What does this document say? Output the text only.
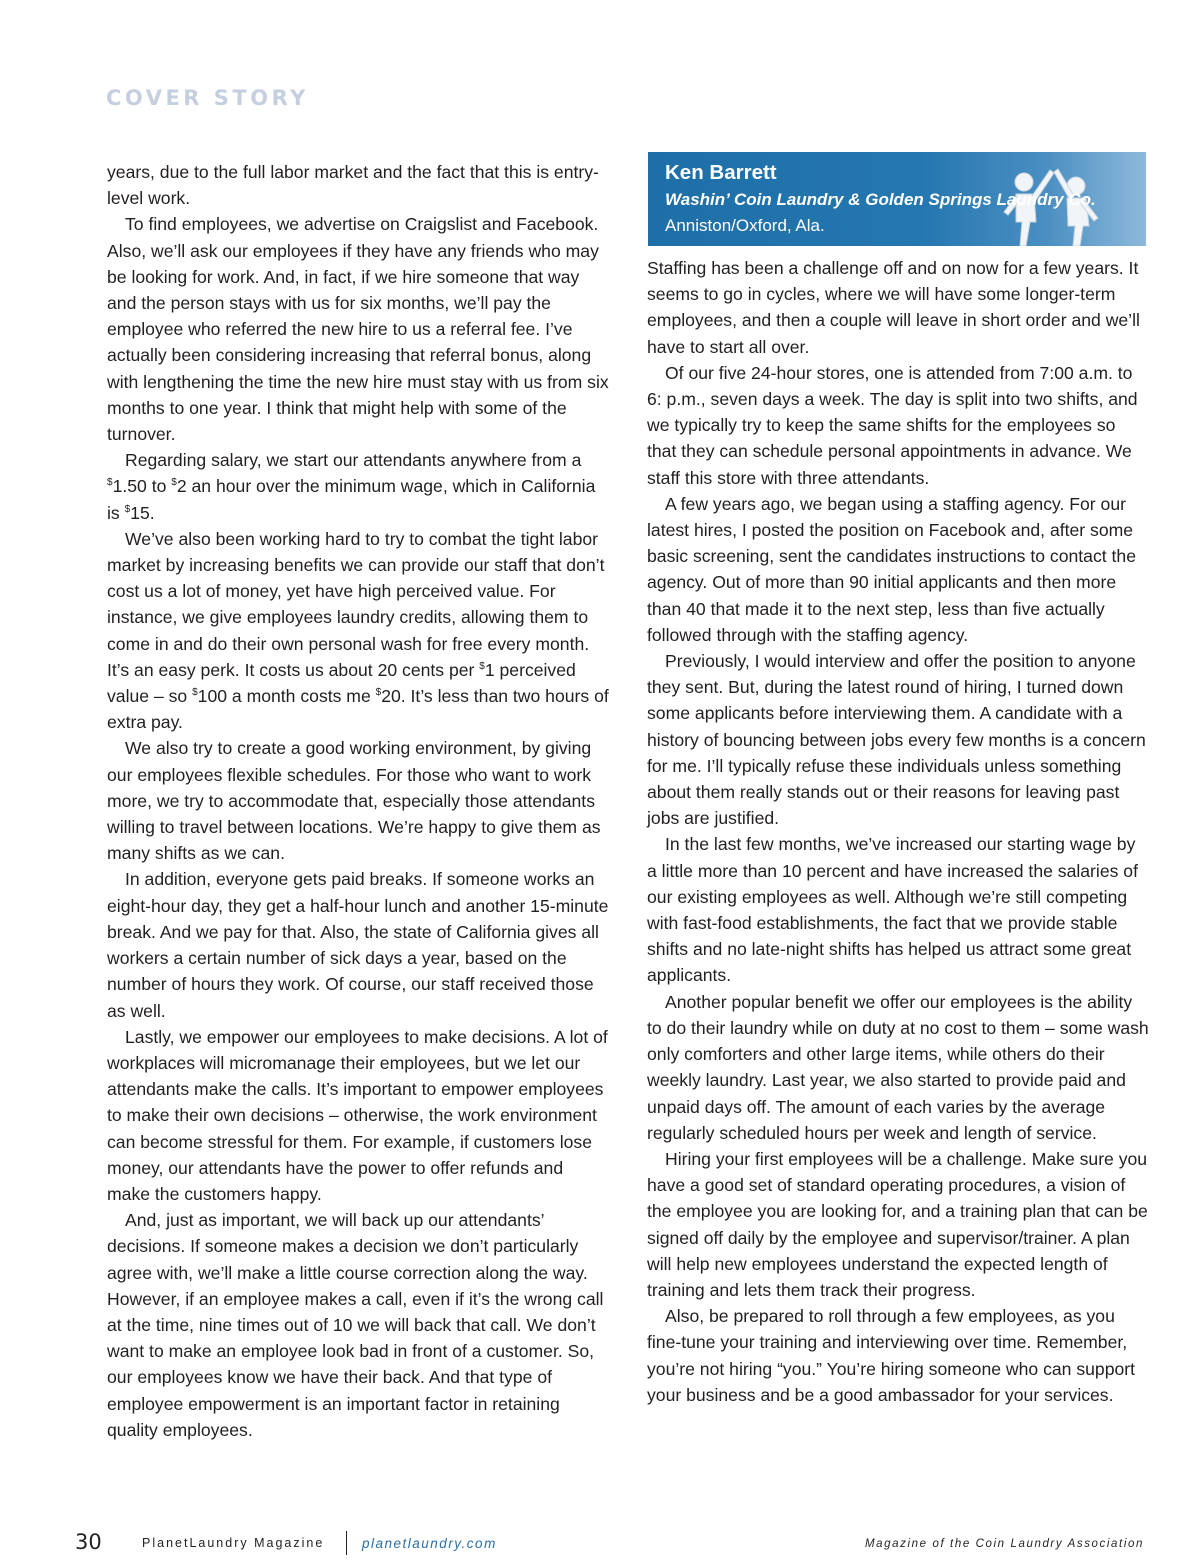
COVER STORY

years, due to the full labor market and the fact that this is entry-level work.

To find employees, we advertise on Craigslist and Facebook. Also, we’ll ask our employees if they have any friends who may be looking for work. And, in fact, if we hire someone that way and the person stays with us for six months, we’ll pay the employee who referred the new hire to us a referral fee. I’ve actually been considering increasing that referral bonus, along with lengthening the time the new hire must stay with us from six months to one year. I think that might help with some of the turnover.

Regarding salary, we start our attendants anywhere from a $1.50 to $2 an hour over the minimum wage, which in California is $15.

We’ve also been working hard to try to combat the tight labor market by increasing benefits we can provide our staff that don’t cost us a lot of money, yet have high perceived value. For instance, we give employees laundry credits, allowing them to come in and do their own personal wash for free every month. It’s an easy perk. It costs us about 20 cents per $1 perceived value – so $100 a month costs me $20. It’s less than two hours of extra pay.

We also try to create a good working environment, by giving our employees flexible schedules. For those who want to work more, we try to accommodate that, especially those attendants willing to travel between locations. We’re happy to give them as many shifts as we can.

In addition, everyone gets paid breaks. If someone works an eight-hour day, they get a half-hour lunch and another 15-minute break. And we pay for that. Also, the state of California gives all workers a certain number of sick days a year, based on the number of hours they work. Of course, our staff received those as well.

Lastly, we empower our employees to make decisions. A lot of workplaces will micromanage their employees, but we let our attendants make the calls. It’s important to empower employees to make their own decisions – otherwise, the work environment can become stressful for them. For example, if customers lose money, our attendants have the power to offer refunds and make the customers happy.

And, just as important, we will back up our attendants’ decisions. If someone makes a decision we don’t particularly agree with, we’ll make a little course correction along the way. However, if an employee makes a call, even if it’s the wrong call at the time, nine times out of 10 we will back that call. We don’t want to make an employee look bad in front of a customer. So, our employees know we have their back. And that type of employee empowerment is an important factor in retaining quality employees.

Ken Barrett
Washin’ Coin Laundry & Golden Springs Laundry Co.
Anniston/Oxford, Ala.

Staffing has been a challenge off and on now for a few years. It seems to go in cycles, where we will have some longer-term employees, and then a couple will leave in short order and we’ll have to start all over.

Of our five 24-hour stores, one is attended from 7:00 a.m. to 6: p.m., seven days a week. The day is split into two shifts, and we typically try to keep the same shifts for the employees so that they can schedule personal appointments in advance. We staff this store with three attendants.

A few years ago, we began using a staffing agency. For our latest hires, I posted the position on Facebook and, after some basic screening, sent the candidates instructions to contact the agency. Out of more than 90 initial applicants and then more than 40 that made it to the next step, less than five actually followed through with the staffing agency.

Previously, I would interview and offer the position to anyone they sent. But, during the latest round of hiring, I turned down some applicants before interviewing them. A candidate with a history of bouncing between jobs every few months is a concern for me. I’ll typically refuse these individuals unless something about them really stands out or their reasons for leaving past jobs are justified.

In the last few months, we’ve increased our starting wage by a little more than 10 percent and have increased the salaries of our existing employees as well. Although we’re still competing with fast-food establishments, the fact that we provide stable shifts and no late-night shifts has helped us attract some great applicants.

Another popular benefit we offer our employees is the ability to do their laundry while on duty at no cost to them – some wash only comforters and other large items, while others do their weekly laundry. Last year, we also started to provide paid and unpaid days off. The amount of each varies by the average regularly scheduled hours per week and length of service.

Hiring your first employees will be a challenge. Make sure you have a good set of standard operating procedures, a vision of the employee you are looking for, and a training plan that can be signed off daily by the employee and supervisor/trainer. A plan will help new employees understand the expected length of training and lets them track their progress.

Also, be prepared to roll through a few employees, as you fine-tune your training and interviewing over time. Remember, you’re not hiring “you.” You’re hiring someone who can support your business and be a good ambassador for your services.

30	PlanetLaundry Magazine	planetlaundry.com	Magazine of the Coin Laundry Association
